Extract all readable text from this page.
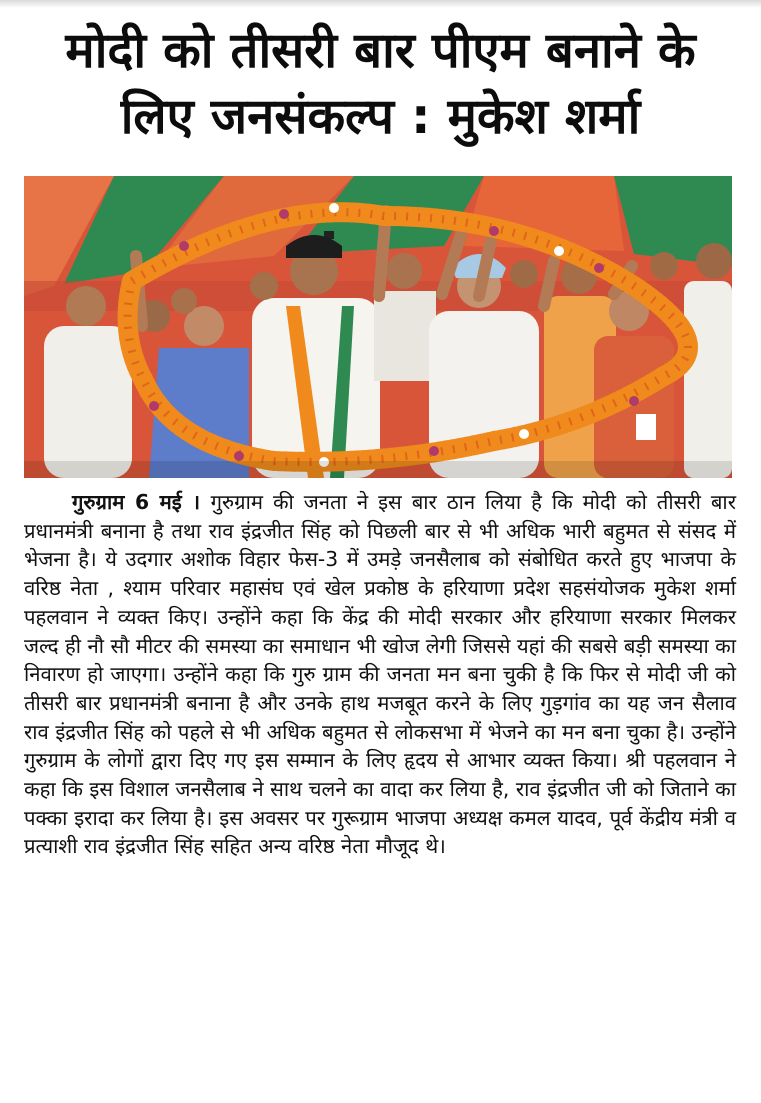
मोदी को तीसरी बार पीएम बनाने के
लिए जनसंकल्प : मुकेश शर्मा
गुरुग्राम 6 मई । गुरुग्राम की जनता ने इस बार ठान लिया है कि मोदी को तीसरी बार प्रधानमंत्री बनाना है तथा राव इंद्रजीत सिंह को पिछली बार से भी अधिक भारी बहुमत से संसद में भेजना है। ये उदगार अशोक विहार फेस-3 में उमड़े जनसैलाब को संबोधित करते हुए भाजपा के वरिष्ठ नेता , श्याम परिवार महासंघ एवं खेल प्रकोष्ठ के हरियाणा प्रदेश सहसंयोजक मुकेश शर्मा पहलवान ने व्यक्त किए। उन्होंने कहा कि केंद्र की मोदी सरकार और हरियाणा सरकार मिलकर जल्द ही नौ सौ मीटर की समस्या का समाधान भी खोज लेगी जिससे यहां की सबसे बड़ी समस्या का निवारण हो जाएगा। उन्होंने कहा कि गुरु ग्राम की जनता मन बना चुकी है कि फिर से मोदी जी को तीसरी बार प्रधानमंत्री बनाना है और उनके हाथ मजबूत करने के लिए गुड़गांव का यह जन सैलाव राव इंद्रजीत सिंह को पहले से भी अधिक बहुमत से लोकसभा में भेजने का मन बना चुका है। उन्होंने गुरुग्राम के लोगों द्वारा दिए गए इस सम्मान के लिए हृदय से आभार व्यक्त किया। श्री पहलवान ने कहा कि इस विशाल जनसैलाब ने साथ चलने का वादा कर लिया है, राव इंद्रजीत जी को जिताने का पक्का इरादा कर लिया है। इस अवसर पर गुरूग्राम भाजपा अध्यक्ष कमल यादव, पूर्व केंद्रीय मंत्री व प्रत्याशी राव इंद्रजीत सिंह सहित अन्य वरिष्ठ नेता मौजूद थे।
